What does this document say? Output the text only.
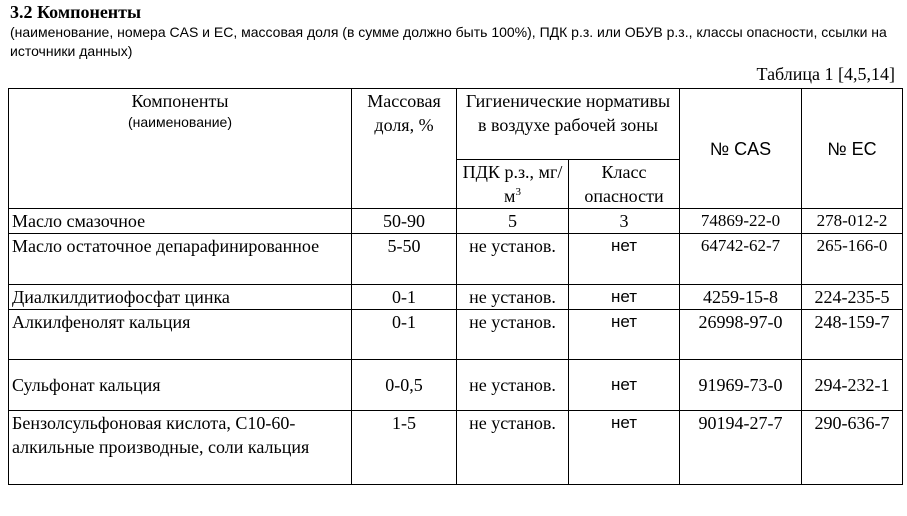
3.2 Компоненты
(наименование, номера CAS и ЕС, массовая доля (в сумме должно быть 100%), ПДК р.з. или ОБУВ р.з., классы опасности, ссылки на источники данных)
Таблица 1 [4,5,14]
Компоненты
(наименование)	Массовая доля, %	Гигиенические нормативы в воздухе рабочей зоны		№ CAS	№ ЕС
		ПДК р.з., $мг/м^3$	Класс опасности		
Масло смазочное	50-90	5	3	74869-22-0	278-012-2
Масло остаточное депарафинированное	5-50	не установ.	нет	64742-62-7	265-166-0
Диалкилдитиофосфат цинка	0-1	не установ.	нет	4259-15-8	224-235-5
Алкилфенолят кальция	0-1	не установ.	нет	26998-97-0	248-159-7
Сульфонат кальция	0-0,5	не установ.	нет	91969-73-0	294-232-1
Бензолсульфоновая кислота, С10-60-алкильные производные, соли кальция	1-5	не установ.	нет	90194-27-7	290-636-7
